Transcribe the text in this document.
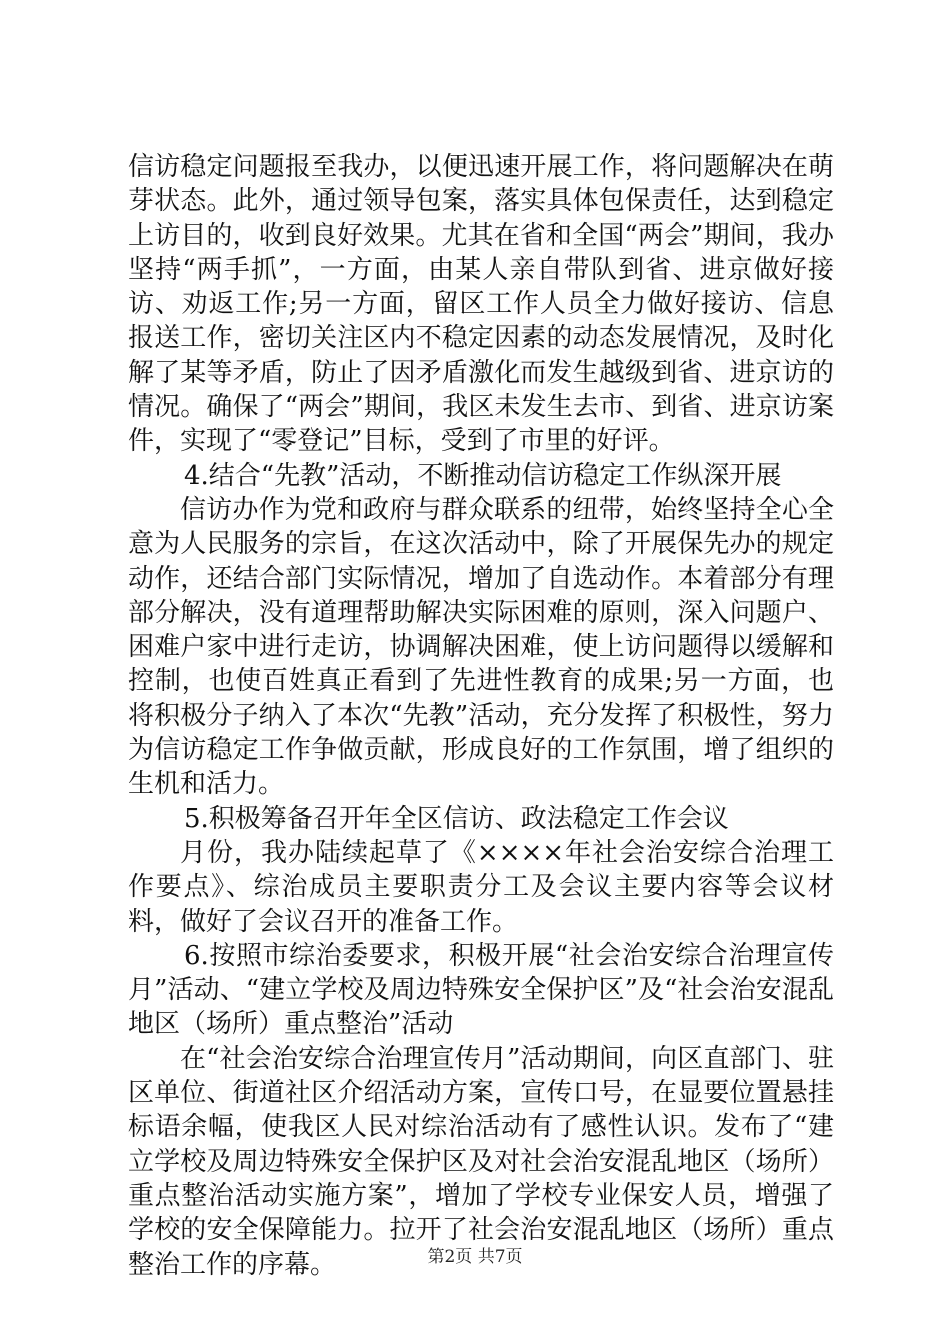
信访稳定问题报至我办，以便迅速开展工作，将问题解决在萌芽状态。此外，通过领导包案，落实具体包保责任，达到稳定上访目的，收到良好效果。尤其在省和全国“两会”期间，我办坚持“两手抓”，一方面，由某人亲自带队到省、进京做好接访、劝返工作;另一方面，留区工作人员全力做好接访、信息报送工作，密切关注区内不稳定因素的动态发展情况，及时化解了某等矛盾，防止了因矛盾激化而发生越级到省、进京访的情况。确保了“两会”期间，我区未发生去市、到省、进京访案件，实现了“零登记”目标，受到了市里的好评。

4.结合“先教”活动，不断推动信访稳定工作纵深开展

信访办作为党和政府与群众联系的纽带，始终坚持全心全意为人民服务的宗旨，在这次活动中，除了开展保先办的规定动作，还结合部门实际情况，增加了自选动作。本着部分有理部分解决，没有道理帮助解决实际困难的原则，深入问题户、困难户家中进行走访，协调解决困难，使上访问题得以缓解和控制，也使百姓真正看到了先进性教育的成果;另一方面，也将积极分子纳入了本次“先教”活动，充分发挥了积极性，努力为信访稳定工作争做贡献，形成良好的工作氛围，增了组织的生机和活力。

5.积极筹备召开年全区信访、政法稳定工作会议

月份，我办陆续起草了《××××年社会治安综合治理工作要点》、综治成员主要职责分工及会议主要内容等会议材料，做好了会议召开的准备工作。

6.按照市综治委要求，积极开展“社会治安综合治理宣传月”活动、“建立学校及周边特殊安全保护区”及“社会治安混乱地区（场所）重点整治”活动

在“社会治安综合治理宣传月”活动期间，向区直部门、驻区单位、街道社区介绍活动方案，宣传口号，在显要位置悬挂标语余幅，使我区人民对综治活动有了感性认识。发布了“建立学校及周边特殊安全保护区及对社会治安混乱地区（场所）重点整治活动实施方案”，增加了学校专业保安人员，增强了学校的安全保障能力。拉开了社会治安混乱地区（场所）重点整治工作的序幕。	第2页 共7页
